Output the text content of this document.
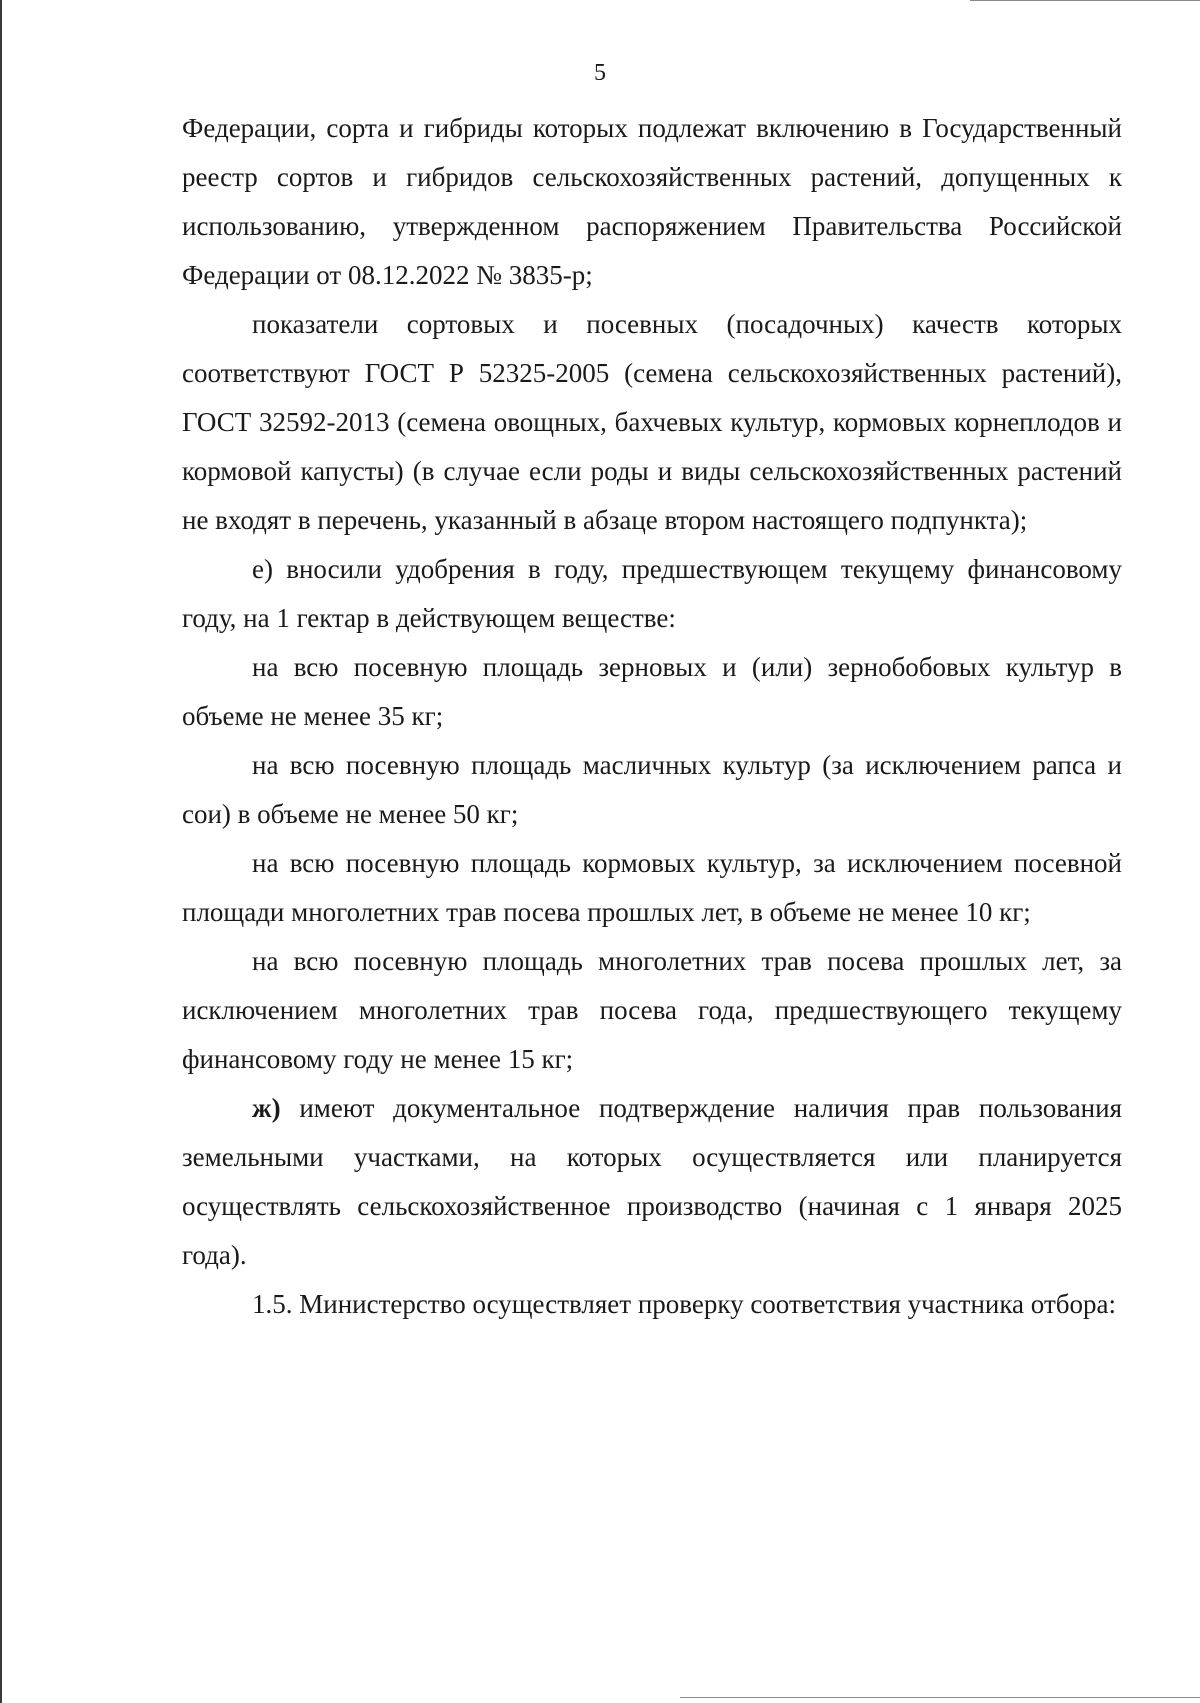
5

Федерации, сорта и гибриды которых подлежат включению в Государственный реестр сортов и гибридов сельскохозяйственных растений, допущенных к использованию, утвержденном распоряжением Правительства Российской Федерации от 08.12.2022 № 3835-р;

показатели сортовых и посевных (посадочных) качеств которых соответствуют ГОСТ Р 52325-2005 (семена сельскохозяйственных растений), ГОСТ 32592-2013 (семена овощных, бахчевых культур, кормовых корнеплодов и кормовой капусты) (в случае если роды и виды сельскохозяйственных растений не входят в перечень, указанный в абзаце втором настоящего подпункта);

е) вносили удобрения в году, предшествующем текущему финансовому году, на 1 гектар в действующем веществе:

на всю посевную площадь зерновых и (или) зернобобовых культур в объеме не менее 35 кг;

на всю посевную площадь масличных культур (за исключением рапса и сои) в объеме не менее 50 кг;

на всю посевную площадь кормовых культур, за исключением посевной площади многолетних трав посева прошлых лет, в объеме не менее 10 кг;

на всю посевную площадь многолетних трав посева прошлых лет, за исключением многолетних трав посева года, предшествующего текущему финансовому году не менее 15 кг;

ж) имеют документальное подтверждение наличия прав пользования земельными участками, на которых осуществляется или планируется осуществлять сельскохозяйственное производство (начиная с 1 января 2025 года).

1.5. Министерство осуществляет проверку соответствия участника отбора:
